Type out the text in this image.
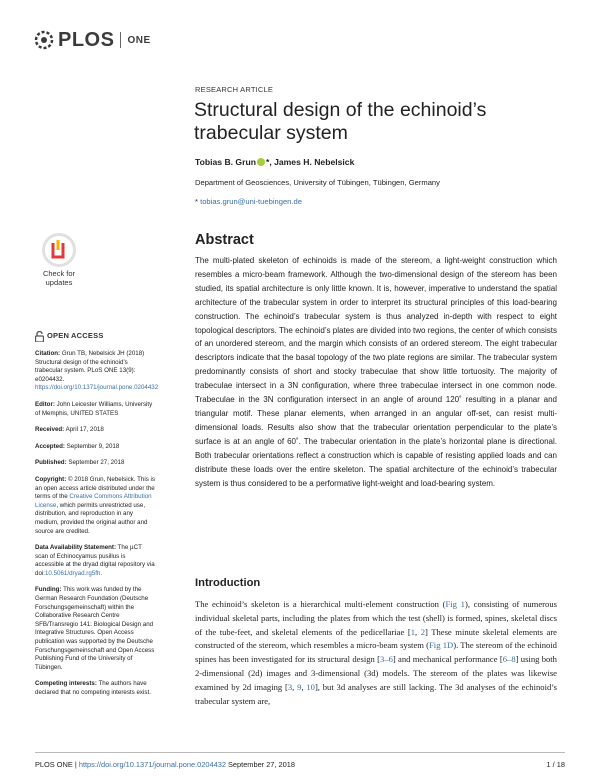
PLOS ONE
RESEARCH ARTICLE
Structural design of the echinoid’s trabecular system
Tobias B. Grun *, James H. Nebelsick
Department of Geosciences, University of Tübingen, Tübingen, Germany
* tobias.grun@uni-tuebingen.de
Check for
updates
OPEN ACCESS
Citation: Grun TB, Nebelsick JH (2018) Structural design of the echinoid’s trabecular system. PLoS ONE 13(9): e0204432. https://doi.org/10.1371/journal.pone.0204432
Editor: John Leicester Williams, University of Memphis, UNITED STATES
Received: April 17, 2018
Accepted: September 9, 2018
Published: September 27, 2018
Copyright: © 2018 Grun, Nebelsick. This is an open access article distributed under the terms of the Creative Commons Attribution License, which permits unrestricted use, distribution, and reproduction in any medium, provided the original author and source are credited.
Data Availability Statement: The µCT scan of Echinocyamus pusillus is accessible at the dryad digital repository via doi:10.5061/dryad.rg5fh.
Funding: This work was funded by the German Research Foundation (Deutsche Forschungsgemeinschaft) within the Collaborative Research Centre SFB/Transregio 141: Biological Design and Integrative Structures. Open Access publication was supported by the Deutsche Forschungsgemeinschaft and Open Access Publishing Fund of the University of Tübingen.
Competing interests: The authors have declared that no competing interests exist.
Abstract

The multi-plated skeleton of echinoids is made of the stereom, a light-weight construction which resembles a micro-beam framework. Although the two-dimensional design of the stereom has been studied, its spatial architecture is only little known. It is, however, imperative to understand the spatial architecture of the trabecular system in order to interpret its structural principles of this load-bearing construction. The echinoid’s trabecular system is thus analyzed in-depth with respect to eight topological descriptors. The echinoid’s plates are divided into two regions, the center of which consists of an unordered stereom, and the margin which consists of an ordered stereom. The eight trabecular descriptors indicate that the basal topology of the two plate regions are similar. The trabecular system predominantly consists of short and stocky trabeculae that show little tortuosity. The majority of trabeculae intersect in a 3N configuration, where three trabeculae intersect in one common node. Trabeculae in the 3N configuration intersect in an angle of around 120˚ resulting in a planar and triangular motif. These planar elements, when arranged in an angular off-set, can resist multi-dimensional loads. Results also show that the trabecular orientation perpendicular to the plate’s surface is at an angle of 60˚. The trabecular orientation in the plate’s horizontal plane is directional. Both trabecular orientations reflect a construction which is capable of resisting applied loads and can distribute these loads over the entire skeleton. The spatial architecture of the echinoid’s trabecular system is thus considered to be a performative light-weight and load-bearing system.

Introduction

The echinoid’s skeleton is a hierarchical multi-element construction (Fig 1), consisting of numerous individual skeletal parts, including the plates from which the test (shell) is formed, spines, skeletal discs of the tube-feet, and skeletal elements of the pedicellariae [1, 2] These minute skeletal elements are constructed of the stereom, which resembles a micro-beam system (Fig 1D). The stereom of the echinoid spines has been investigated for its structural design [3–6] and mechanical performance [6–8] using both 2-dimensional (2d) images and 3-dimensional (3d) models. The stereom of the plates was likewise examined by 2d imaging [3, 9, 10], but 3d analyses are still lacking. The 3d analyses of the echinoid’s trabecular system are,

PLOS ONE | https://doi.org/10.1371/journal.pone.0204432 September 27, 2018	1 / 18
